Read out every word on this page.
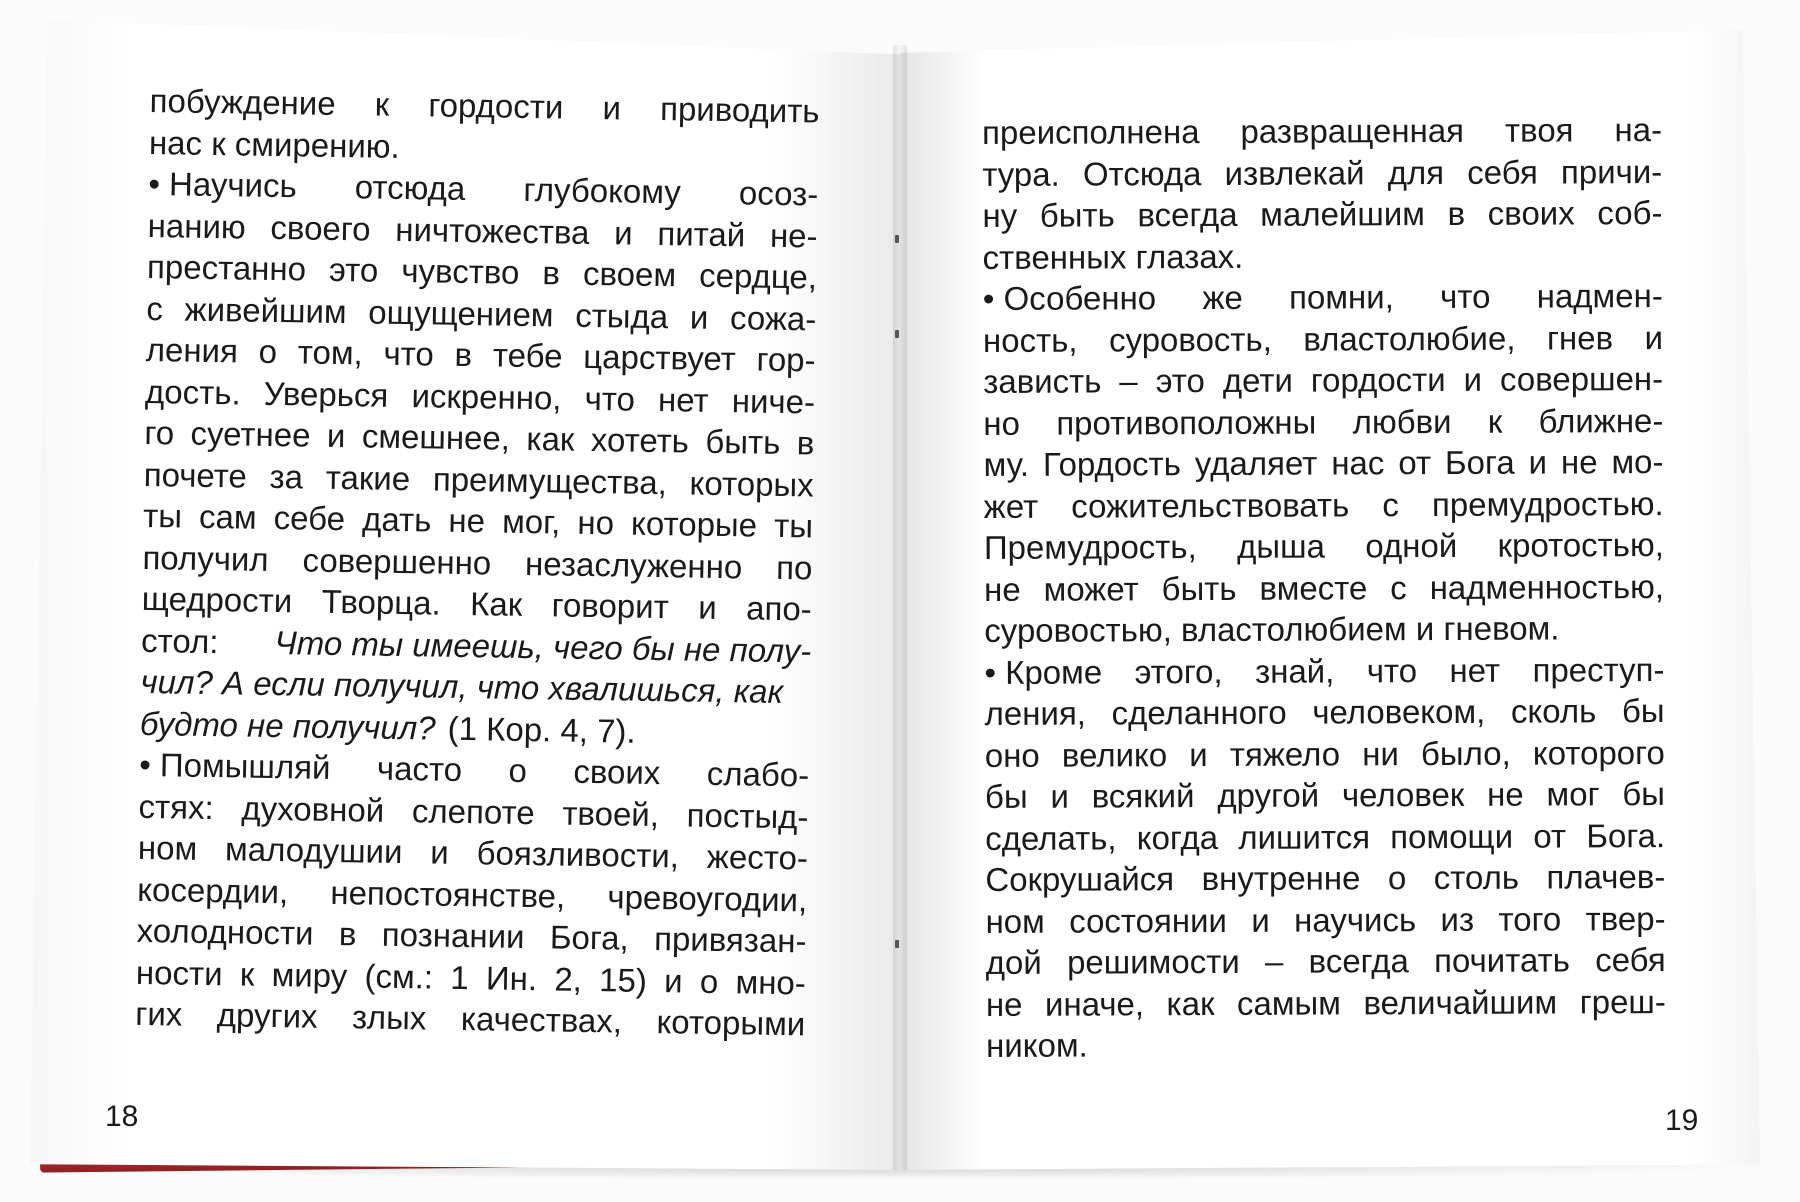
побуждение к гордости и приводить
нас к смирению.
• Научись отсюда глубокому осоз-
нанию своего ничтожества и питай не-
престанно это чувство в своем сердце,
с живейшим ощущением стыда и сожа-
ления о том, что в тебе царствует гор-
дость. Уверься искренно, что нет ниче-
го суетнее и смешнее, как хотеть быть в
почете за такие преимущества, которых
ты сам себе дать не мог, но которые ты
получил совершенно незаслуженно по
щедрости Творца. Как говорит и апо-
стол: Что ты имеешь, чего бы не полу-
чил? А если получил, что хвалишься, как
будто не получил? (1 Кор. 4, 7).
• Помышляй часто о своих слабо-
стях: духовной слепоте твоей, постыд-
ном малодушии и боязливости, жесто-
косердии, непостоянстве, чревоугодии,
холодности в познании Бога, привязан-
ности к миру (см.: 1 Ин. 2, 15) и о мно-
гих других злых качествах, которыми
преисполнена развращенная твоя на-
тура. Отсюда извлекай для себя причи-
ну быть всегда малейшим в своих соб-
ственных глазах.
• Особенно же помни, что надмен-
ность, суровость, властолюбие, гнев и
зависть – это дети гордости и совершен-
но противоположны любви к ближне-
му. Гордость удаляет нас от Бога и не мо-
жет сожительствовать с премудростью.
Премудрость, дыша одной кротостью,
не может быть вместе с надменностью,
суровостью, властолюбием и гневом.
• Кроме этого, знай, что нет преступ-
ления, сделанного человеком, сколь бы
оно велико и тяжело ни было, которого
бы и всякий другой человек не мог бы
сделать, когда лишится помощи от Бога.
Сокрушайся внутренне о столь плачев-
ном состоянии и научись из того твер-
дой решимости – всегда почитать себя
не иначе, как самым величайшим греш-
ником.
18	19
